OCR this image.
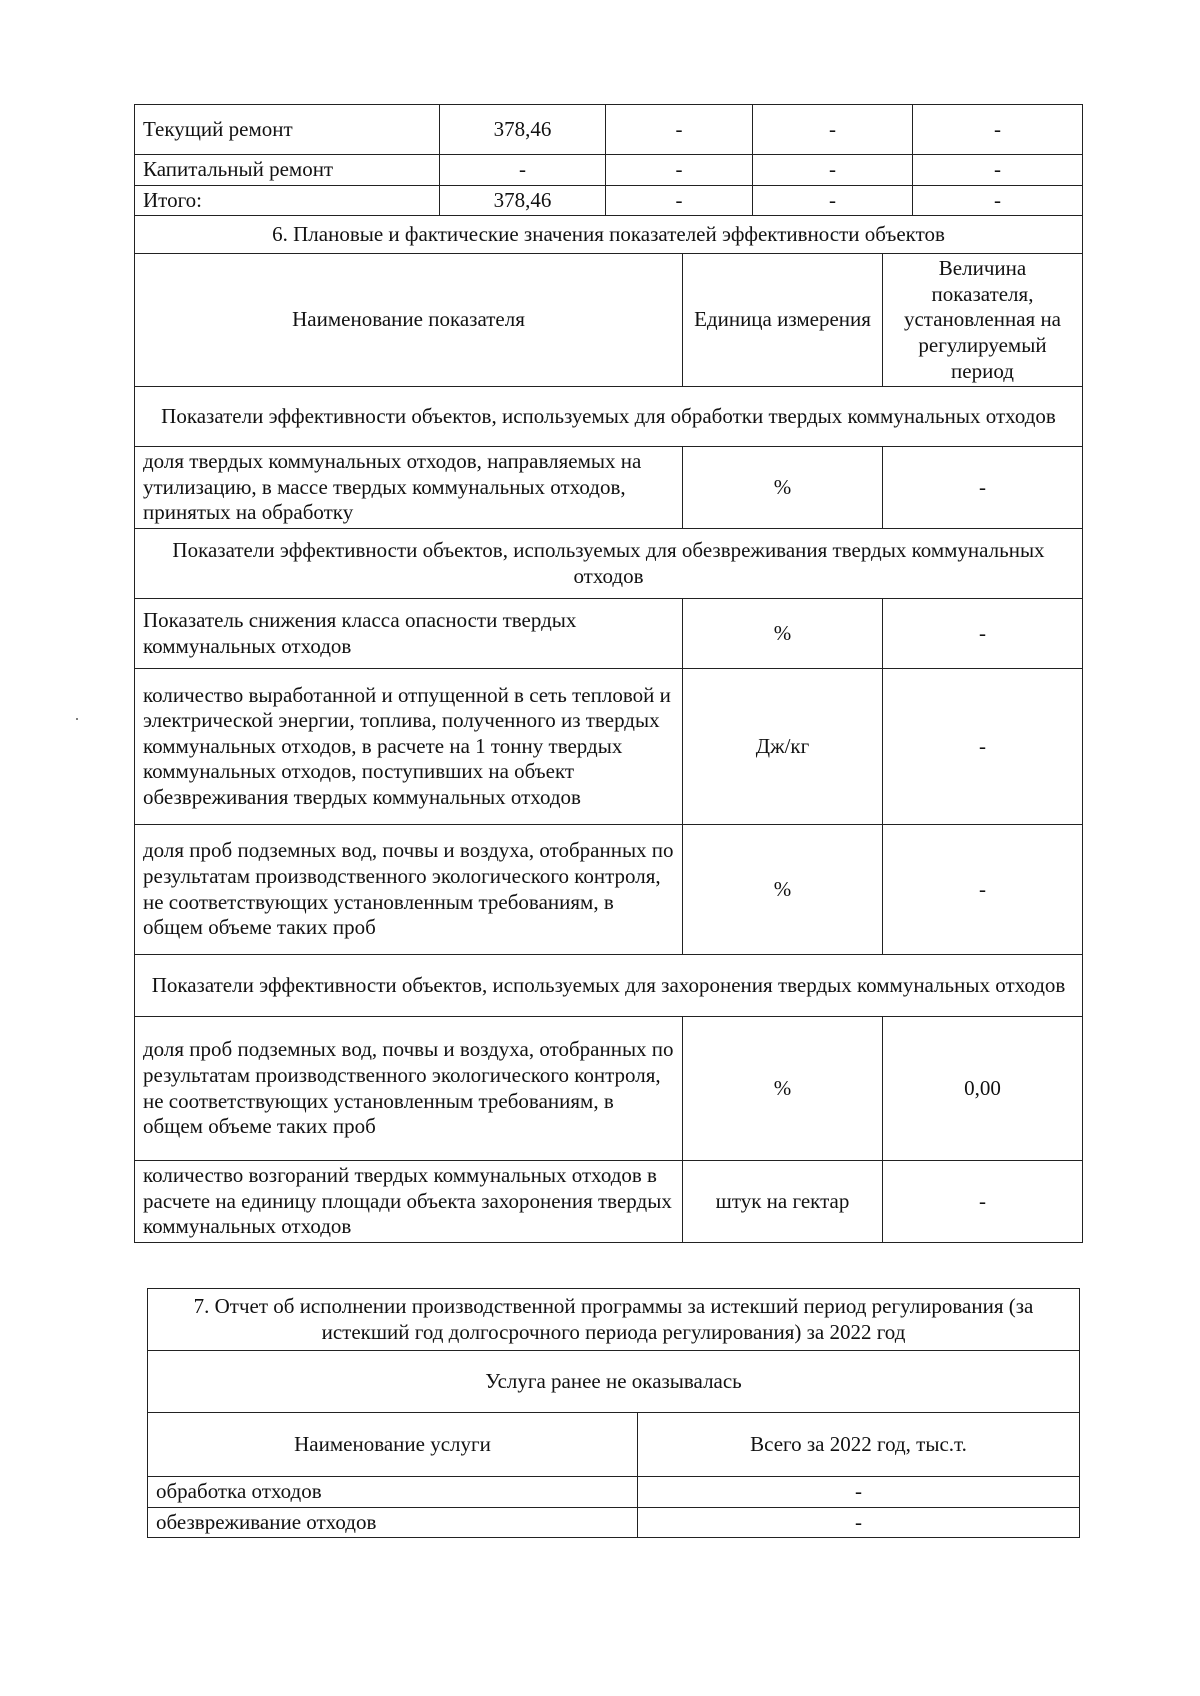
Текущий ремонт	378,46	-		-		-
Капитальный ремонт	-	-		-		-
Итого:	378,46	-		-		-
6. Плановые и фактические значения показателей эффективности объектов						
Наименование показателя			Единица измерения		Величина показателя, установленная на регулируемый период	
Показатели эффективности объектов, используемых для обработки твердых коммунальных отходов						
доля твердых коммунальных отходов, направляемых на утилизацию, в массе твердых коммунальных отходов, принятых на обработку			%		-	
Показатели эффективности объектов, используемых для обезвреживания твердых коммунальных отходов						
Показатель снижения класса опасности твердых коммунальных отходов			%		-	
количество выработанной и отпущенной в сеть тепловой и электрической энергии, топлива, полученного из твердых коммунальных отходов, в расчете на 1 тонну твердых коммунальных отходов, поступивших на объект обезвреживания твердых коммунальных отходов			Дж/кг		-	
доля проб подземных вод, почвы и воздуха, отобранных по результатам производственного экологического контроля, не соответствующих установленным требованиям, в общем объеме таких проб			%		-	
Показатели эффективности объектов, используемых для захоронения твердых коммунальных отходов						
доля проб подземных вод, почвы и воздуха, отобранных по результатам производственного экологического контроля, не соответствующих установленным требованиям, в общем объеме таких проб			%		0,00	
количество возгораний твердых коммунальных отходов в расчете на единицу площади объекта захоронения твердых коммунальных отходов			штук на гектар		-	
7. Отчет об исполнении производственной программы за истекший период регулирования (за истекший год долгосрочного периода регулирования) за 2022 год	
Услуга ранее не оказывалась	
Наименование услуги	Всего за 2022 год, тыс.т.
обработка отходов	-
обезвреживание отходов	-
